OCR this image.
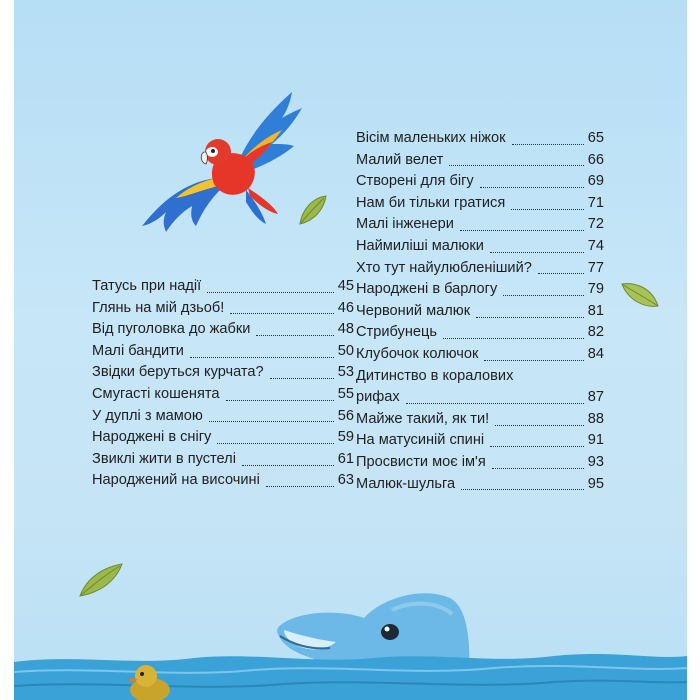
Татусь при надії	45
Глянь на мій дзьоб!	46
Від пуголовка до жабки	48
Малі бандити	50
Звідки беруться курчата?	53
Смугасті кошенята	55
У дуплі з мамою	56
Народжені в снігу	59
Звиклі жити в пустелі	61
Народжений на височині	63
Вісім маленьких ніжок	65
Малий велет	66
Створені для бігу	69
Нам би тільки гратися	71
Малі інженери	72
Наймиліші малюки	74
Хто тут найулюбленіший?	77
Народжені в барлогу	79
Червоний малюк	81
Стрибунець	82
Клубочок колючок	84
Дитинство в коралових
рифах	87
Майже такий, як ти!	88
На матусиній спині	91
Просвисти моє ім'я	93
Малюк-шульга	95
